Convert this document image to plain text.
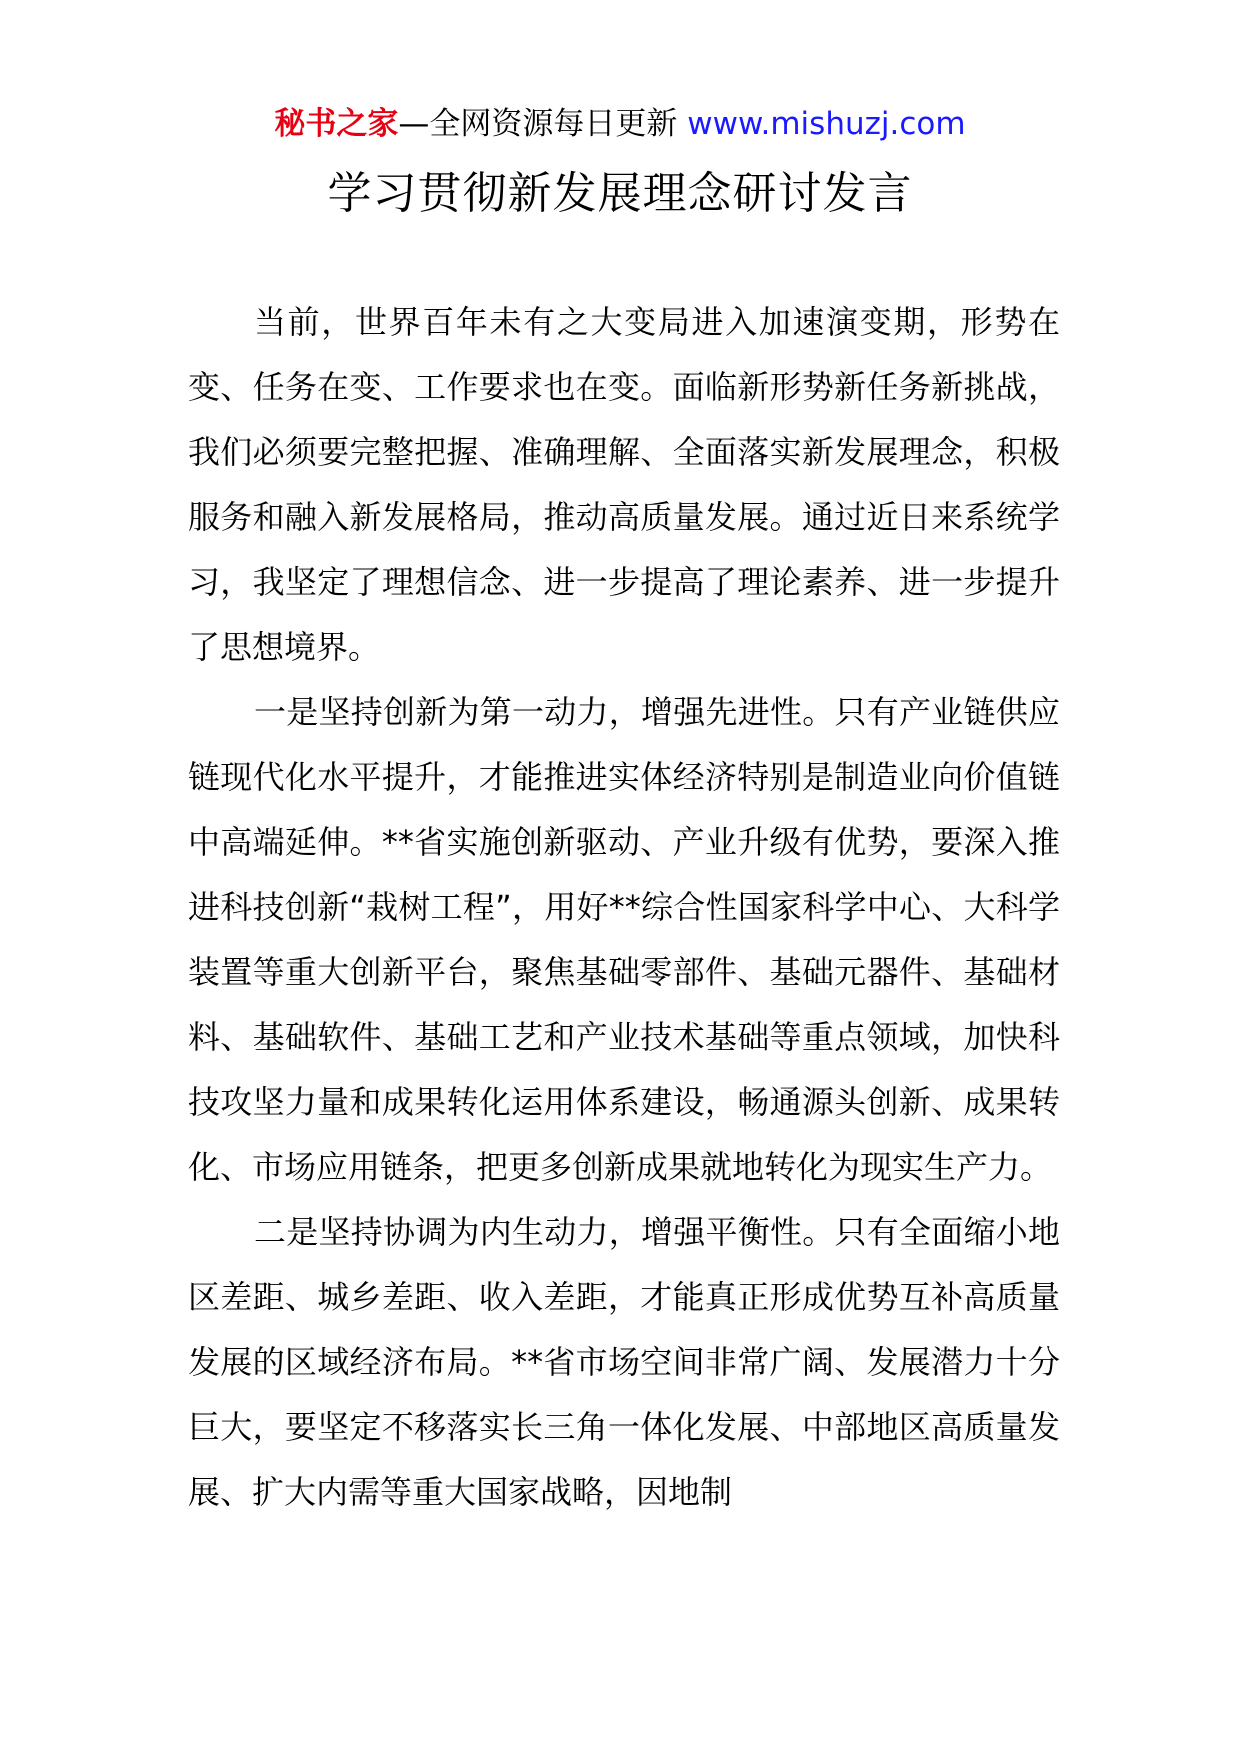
秘书之家—全网资源每日更新 www.mishuzj.com
学习贯彻新发展理念研讨发言

当前，世界百年未有之大变局进入加速演变期，形势在变、任务在变、工作要求也在变。面临新形势新任务新挑战，我们必须要完整把握、准确理解、全面落实新发展理念，积极服务和融入新发展格局，推动高质量发展。通过近日来系统学习，我坚定了理想信念、进一步提高了理论素养、进一步提升了思想境界。

一是坚持创新为第一动力，增强先进性。只有产业链供应链现代化水平提升，才能推进实体经济特别是制造业向价值链中高端延伸。**省实施创新驱动、产业升级有优势，要深入推进科技创新“栽树工程”，用好**综合性国家科学中心、大科学装置等重大创新平台，聚焦基础零部件、基础元器件、基础材料、基础软件、基础工艺和产业技术基础等重点领域，加快科技攻坚力量和成果转化运用体系建设，畅通源头创新、成果转化、市场应用链条，把更多创新成果就地转化为现实生产力。

二是坚持协调为内生动力，增强平衡性。只有全面缩小地区差距、城乡差距、收入差距，才能真正形成优势互补高质量发展的区域经济布局。**省市场空间非常广阔、发展潜力十分巨大，要坚定不移落实长三角一体化发展、中部地区高质量发展、扩大内需等重大国家战略，因地制
